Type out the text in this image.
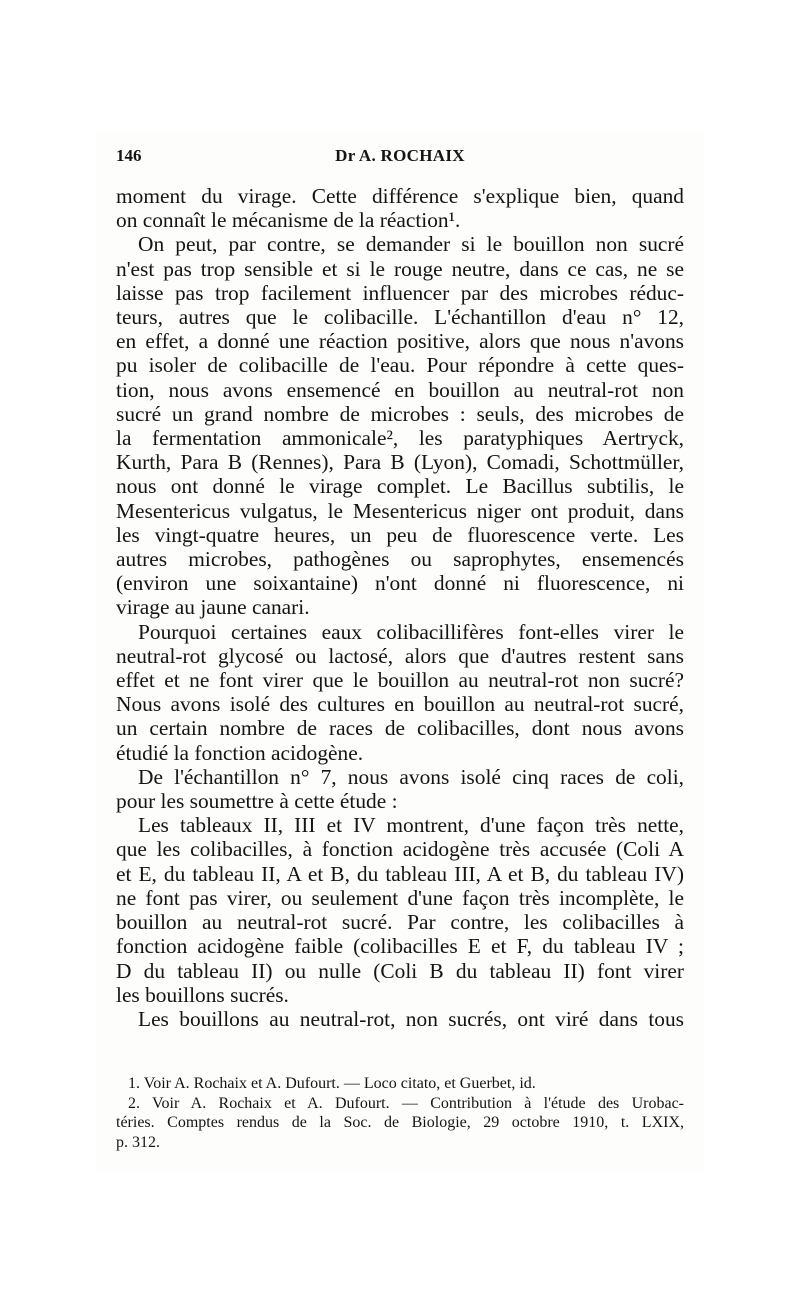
146	Dr A. ROCHAIX

moment du virage. Cette différence s'explique bien, quand
on connaît le mécanisme de la réaction¹.

On peut, par contre, se demander si le bouillon non sucré
n'est pas trop sensible et si le rouge neutre, dans ce cas, ne se
laisse pas trop facilement influencer par des microbes réduc-
teurs, autres que le colibacille. L'échantillon d'eau n° 12,
en effet, a donné une réaction positive, alors que nous n'avons
pu isoler de colibacille de l'eau. Pour répondre à cette ques-
tion, nous avons ensemencé en bouillon au neutral-rot non
sucré un grand nombre de microbes : seuls, des microbes de
la fermentation ammonicale², les paratyphiques Aertryck,
Kurth, Para B (Rennes), Para B (Lyon), Comadi, Schottmüller,
nous ont donné le virage complet. Le Bacillus subtilis, le
Mesentericus vulgatus, le Mesentericus niger ont produit, dans
les vingt-quatre heures, un peu de fluorescence verte. Les
autres microbes, pathogènes ou saprophytes, ensemencés
(environ une soixantaine) n'ont donné ni fluorescence, ni
virage au jaune canari.

Pourquoi certaines eaux colibacillifères font-elles virer le
neutral-rot glycosé ou lactosé, alors que d'autres restent sans
effet et ne font virer que le bouillon au neutral-rot non sucré?
Nous avons isolé des cultures en bouillon au neutral-rot sucré,
un certain nombre de races de colibacilles, dont nous avons
étudié la fonction acidogène.

De l'échantillon n° 7, nous avons isolé cinq races de coli,
pour les soumettre à cette étude :

Les tableaux II, III et IV montrent, d'une façon très nette,
que les colibacilles, à fonction acidogène très accusée (Coli A
et E, du tableau II, A et B, du tableau III, A et B, du tableau IV)
ne font pas virer, ou seulement d'une façon très incomplète, le
bouillon au neutral-rot sucré. Par contre, les colibacilles à
fonction acidogène faible (colibacilles E et F, du tableau IV ;
D du tableau II) ou nulle (Coli B du tableau II) font virer
les bouillons sucrés.

Les bouillons au neutral-rot, non sucrés, ont viré dans tous

1. Voir A. Rochaix et A. Dufourt. — Loco citato, et Guerbet, id.
2. Voir A. Rochaix et A. Dufourt. — Contribution à l'étude des Urobac-
téries. Comptes rendus de la Soc. de Biologie, 29 octobre 1910, t. LXIX,
p. 312.
